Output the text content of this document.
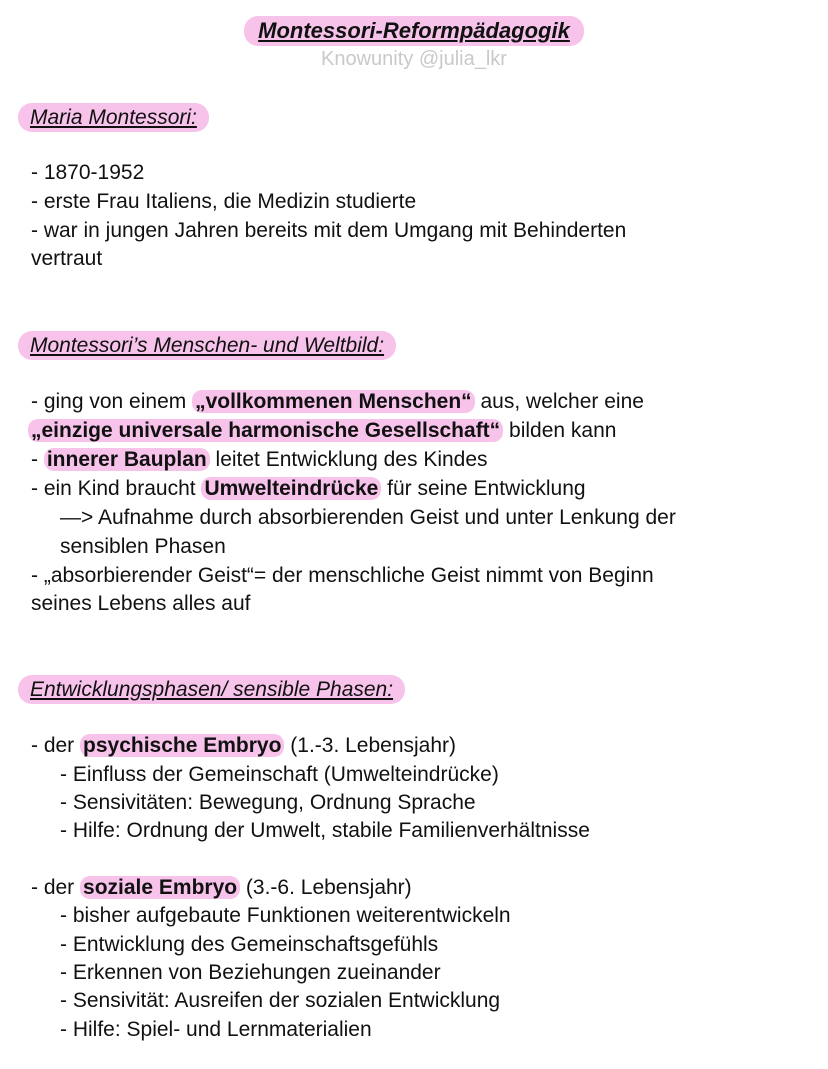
Montessori-Reformpädagogik
Knowunity @julia_lkr
Maria Montessori:
- 1870-1952
- erste Frau Italiens, die Medizin studierte
- war in jungen Jahren bereits mit dem Umgang mit Behinderten
vertraut
Montessori’s Menschen- und Weltbild:
- ging von einem „vollkommenen Menschen“ aus, welcher eine
„einzige universale harmonische Gesellschaft“ bilden kann
- innerer Bauplan leitet Entwicklung des Kindes
- ein Kind braucht Umwelteindrücke für seine Entwicklung
—> Aufnahme durch absorbierenden Geist und unter Lenkung der
sensiblen Phasen
- „absorbierender Geist“= der menschliche Geist nimmt von Beginn
seines Lebens alles auf
Entwicklungsphasen/ sensible Phasen:
- der psychische Embryo (1.-3. Lebensjahr)
- Einfluss der Gemeinschaft (Umwelteindrücke)
- Sensivitäten: Bewegung, Ordnung Sprache
- Hilfe: Ordnung der Umwelt, stabile Familienverhältnisse
- der soziale Embryo (3.-6. Lebensjahr)
- bisher aufgebaute Funktionen weiterentwickeln
- Entwicklung des Gemeinschaftsgefühls
- Erkennen von Beziehungen zueinander
- Sensivität: Ausreifen der sozialen Entwicklung
- Hilfe: Spiel- und Lernmaterialien
